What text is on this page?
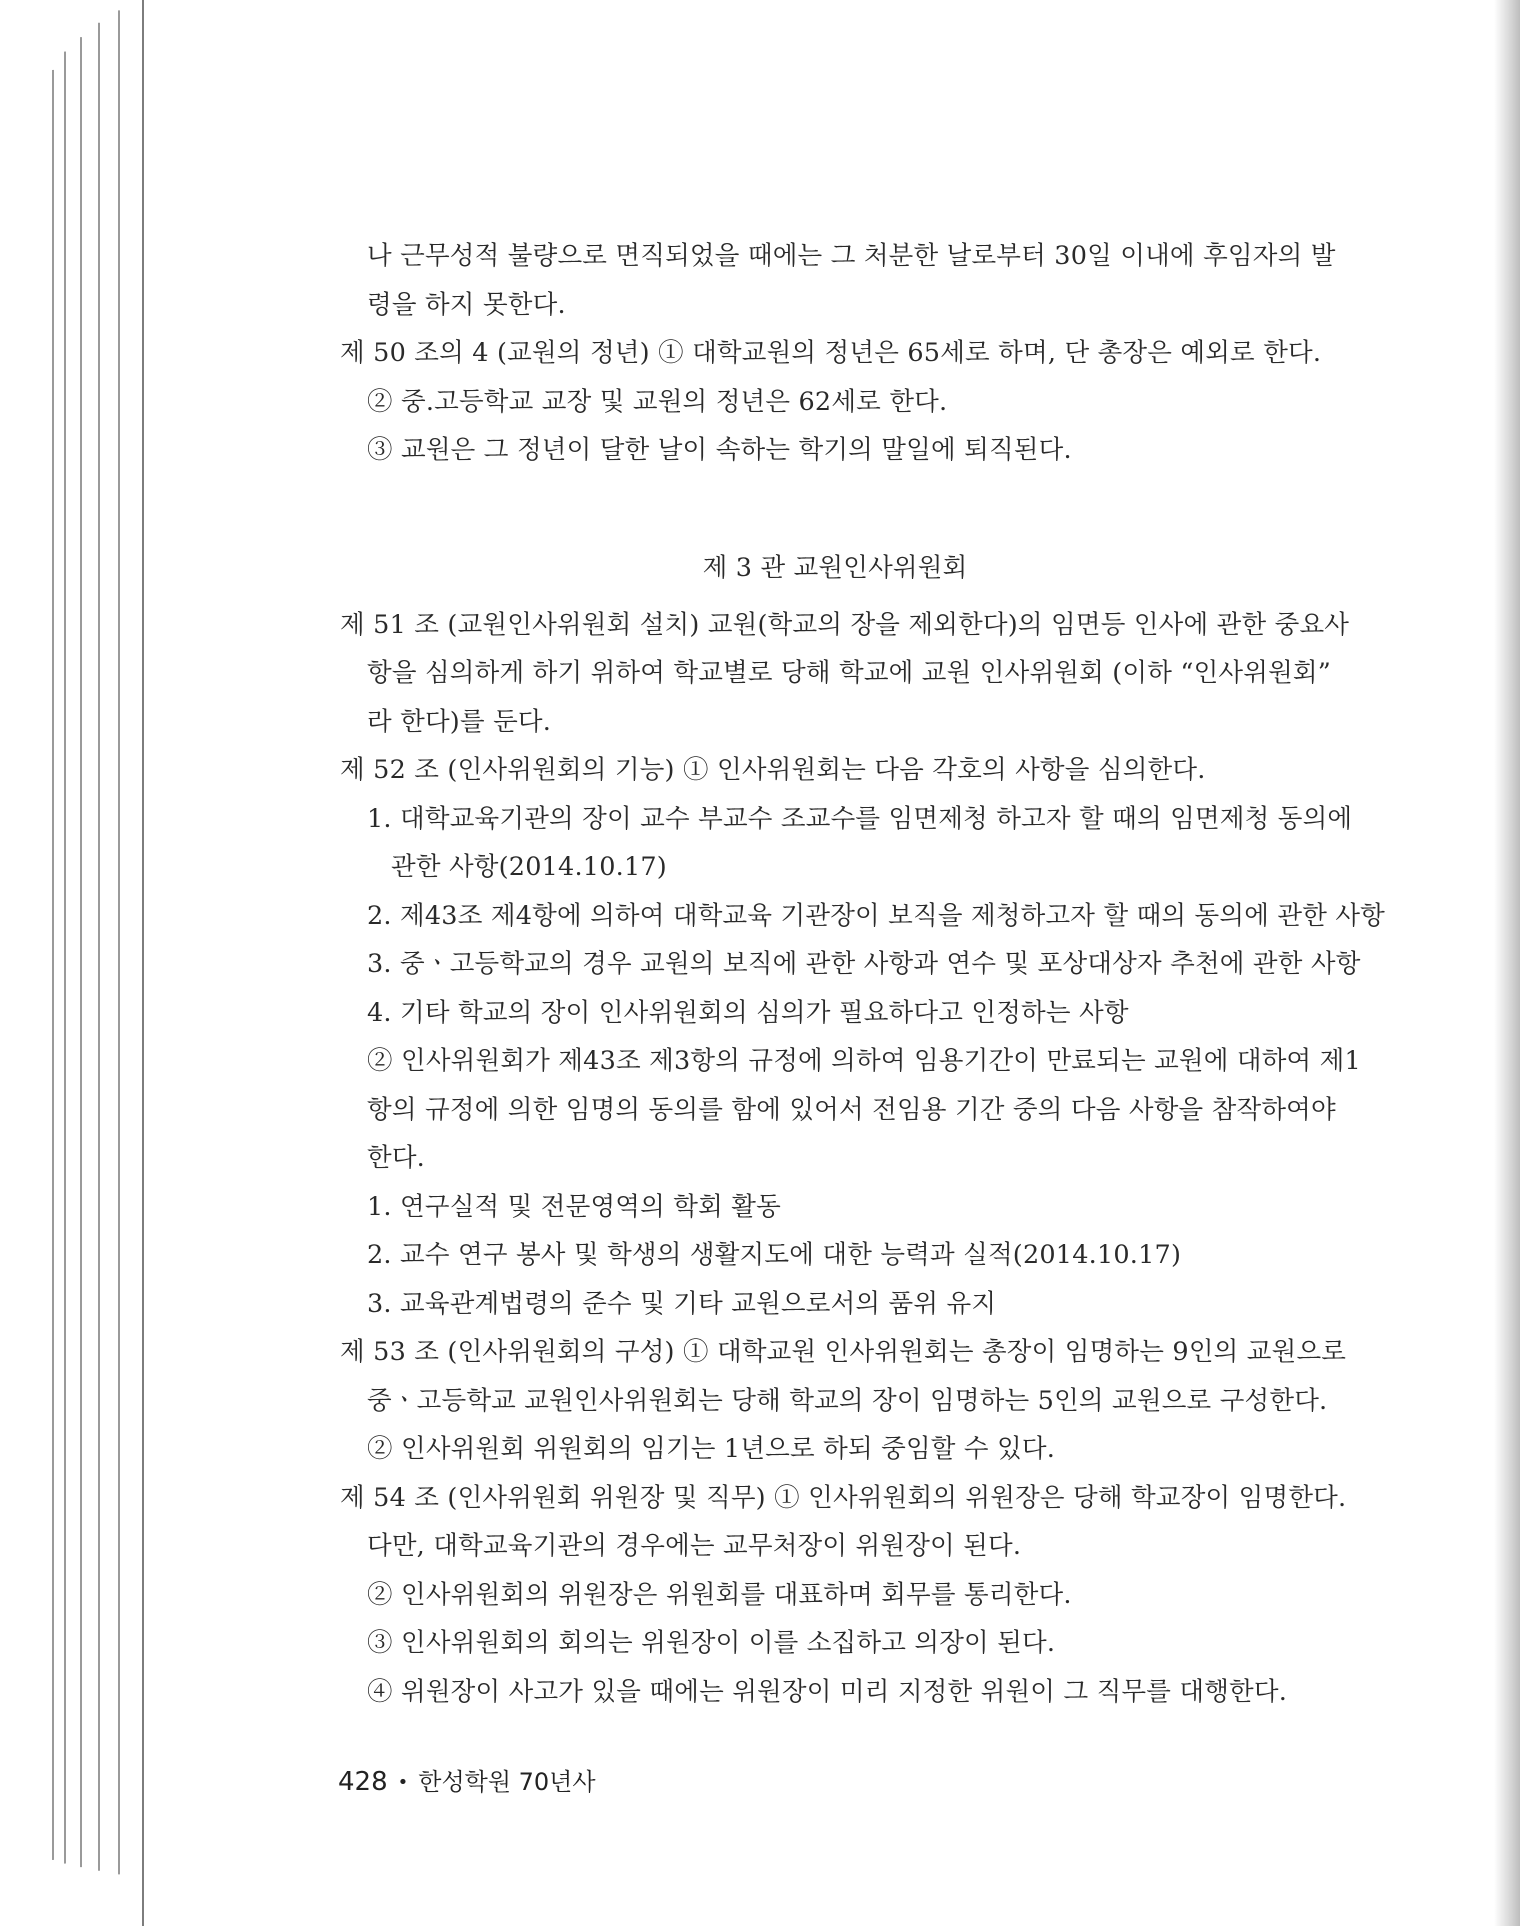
나 근무성적 불량으로 면직되었을 때에는 그 처분한 날로부터 30일 이내에 후임자의 발
령을 하지 못한다.
제 50 조의 4 (교원의 정년) ① 대학교원의 정년은 65세로 하며, 단 총장은 예외로 한다.
② 중.고등학교 교장 및 교원의 정년은 62세로 한다.
③ 교원은 그 정년이 달한 날이 속하는 학기의 말일에 퇴직된다.
제 3 관 교원인사위원회
제 51 조 (교원인사위원회 설치) 교원(학교의 장을 제외한다)의 임면등 인사에 관한 중요사
항을 심의하게 하기 위하여 학교별로 당해 학교에 교원 인사위원회 (이하 “인사위원회”
라 한다)를 둔다.
제 52 조 (인사위원회의 기능) ① 인사위원회는 다음 각호의 사항을 심의한다.
1. 대학교육기관의 장이 교수 부교수 조교수를 임면제청 하고자 할 때의 임면제청 동의에
관한 사항(2014.10.17)
2. 제43조 제4항에 의하여 대학교육 기관장이 보직을 제청하고자 할 때의 동의에 관한 사항
3. 중ㆍ고등학교의 경우 교원의 보직에 관한 사항과 연수 및 포상대상자 추천에 관한 사항
4. 기타 학교의 장이 인사위원회의 심의가 필요하다고 인정하는 사항
② 인사위원회가 제43조 제3항의 규정에 의하여 임용기간이 만료되는 교원에 대하여 제1
항의 규정에 의한 임명의 동의를 함에 있어서 전임용 기간 중의 다음 사항을 참작하여야
한다.
1. 연구실적 및 전문영역의 학회 활동
2. 교수 연구 봉사 및 학생의 생활지도에 대한 능력과 실적(2014.10.17)
3. 교육관계법령의 준수 및 기타 교원으로서의 품위 유지
제 53 조 (인사위원회의 구성) ① 대학교원 인사위원회는 총장이 임명하는 9인의 교원으로
중ㆍ고등학교 교원인사위원회는 당해 학교의 장이 임명하는 5인의 교원으로 구성한다.
② 인사위원회 위원회의 임기는 1년으로 하되 중임할 수 있다.
제 54 조 (인사위원회 위원장 및 직무) ① 인사위원회의 위원장은 당해 학교장이 임명한다.
다만, 대학교육기관의 경우에는 교무처장이 위원장이 된다.
② 인사위원회의 위원장은 위원회를 대표하며 회무를 통리한다.
③ 인사위원회의 회의는 위원장이 이를 소집하고 의장이 된다.
④ 위원장이 사고가 있을 때에는 위원장이 미리 지정한 위원이 그 직무를 대행한다.
428 • 한성학원 70년사
